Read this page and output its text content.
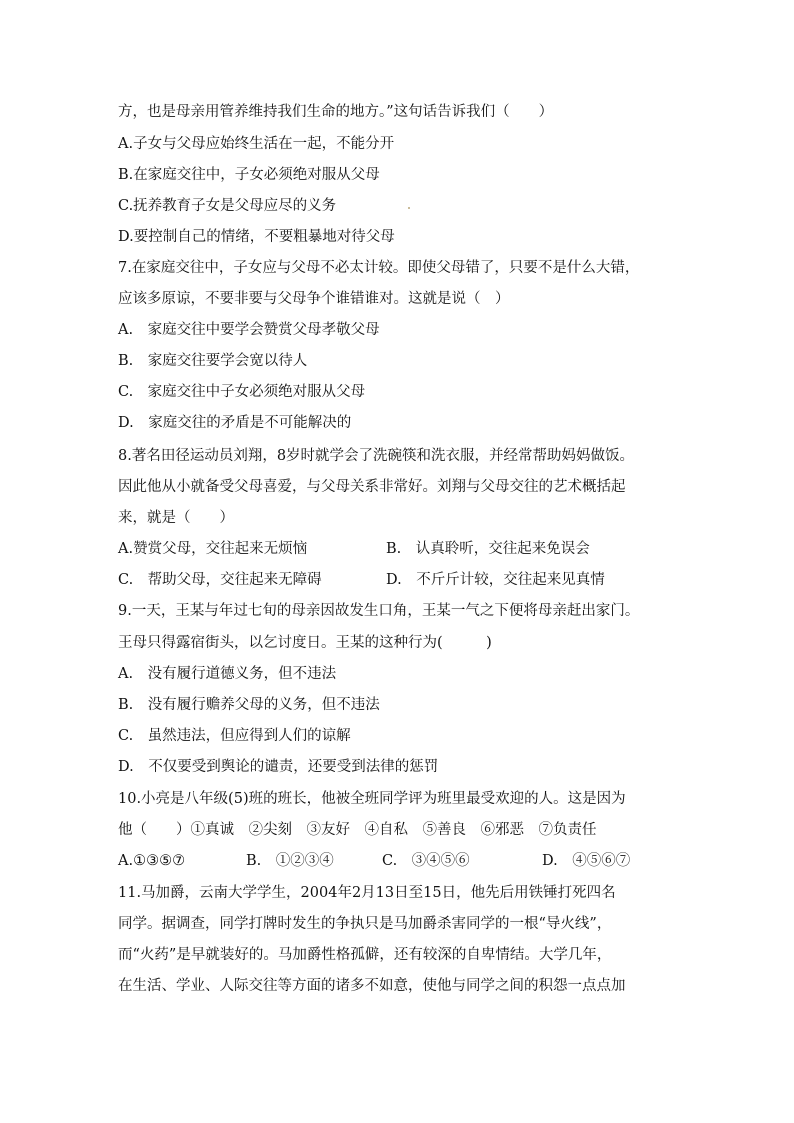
方，也是母亲用管养维持我们生命的地方。”这句话告诉我们（　　）
A.子女与父母应始终生活在一起，不能分开
B.在家庭交往中，子女必须绝对服从父母
C.抚养教育子女是父母应尽的义务
D.要控制自己的情绪，不要粗暴地对待父母
7.在家庭交往中，子女应与父母不必太计较。即使父母错了，只要不是什么大错，
应该多原谅，不要非要与父母争个谁错谁对。这就是说（　）
A.　家庭交往中要学会赞赏父母孝敬父母
B.　家庭交往要学会宽以待人
C.　家庭交往中子女必须绝对服从父母
D.　家庭交往的矛盾是不可能解决的
8.著名田径运动员刘翔，8岁时就学会了洗碗筷和洗衣服，并经常帮助妈妈做饭。
因此他从小就备受父母喜爱，与父母关系非常好。刘翔与父母交往的艺术概括起
来，就是（　　）
A.赞赏父母，交往起来无烦恼	B.　认真聆听，交往起来免误会
C.　帮助父母，交往起来无障碍	D.　不斤斤计较，交往起来见真情
9.一天，王某与年过七旬的母亲因故发生口角，王某一气之下便将母亲赶出家门。
王母只得露宿街头，以乞讨度日。王某的这种行为(　　　)
A.　没有履行道德义务，但不违法
B.　没有履行赡养父母的义务，但不违法
C.　虽然违法，但应得到人们的谅解
D.　不仅要受到舆论的谴责，还要受到法律的惩罚
10.小亮是八年级(5)班的班长，他被全班同学评为班里最受欢迎的人。这是因为
他（　　）①真诚　②尖刻　③友好　④自私　⑤善良　⑥邪恶　⑦负责任
A.①③⑤⑦	B.　①②③④	C.　③④⑤⑥	D.　④⑤⑥⑦
11.马加爵，云南大学学生，2004年2月13日至15日，他先后用铁锤打死四名
同学。据调查，同学打牌时发生的争执只是马加爵杀害同学的一根“导火线”，
而“火药”是早就装好的。马加爵性格孤僻，还有较深的自卑情结。大学几年，
在生活、学业、人际交往等方面的诸多不如意，使他与同学之间的积怨一点点加
